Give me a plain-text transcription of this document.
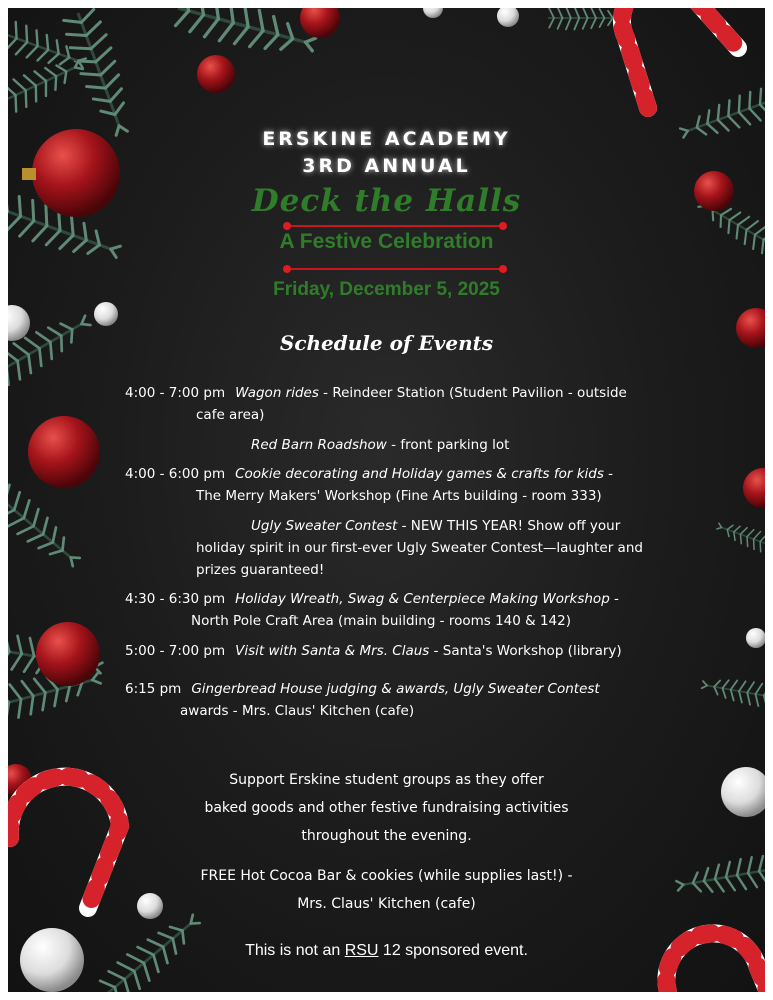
ERSKINE ACADEMY
3RD ANNUAL
Deck the Halls
A Festive Celebration
Friday, December 5, 2025
Schedule of Events
4:00 - 7:00 pm Wagon rides - Reindeer Station (Student Pavilion - outside
cafe area)
Red Barn Roadshow - front parking lot
4:00 - 6:00 pm Cookie decorating and Holiday games & crafts for kids -
The Merry Makers' Workshop (Fine Arts building - room 333)
Ugly Sweater Contest - NEW THIS YEAR! Show off your
holiday spirit in our first-ever Ugly Sweater Contest—laughter and
prizes guaranteed!
4:30 - 6:30 pm Holiday Wreath, Swag & Centerpiece Making Workshop -
North Pole Craft Area (main building - rooms 140 & 142)
5:00 - 7:00 pm Visit with Santa & Mrs. Claus - Santa's Workshop (library)
6:15 pm Gingerbread House judging & awards, Ugly Sweater Contest
awards - Mrs. Claus' Kitchen (cafe)
Support Erskine student groups as they offer
baked goods and other festive fundraising activities
throughout the evening.
FREE Hot Cocoa Bar & cookies (while supplies last!) -
Mrs. Claus' Kitchen (cafe)
This is not an RSU 12 sponsored event.
